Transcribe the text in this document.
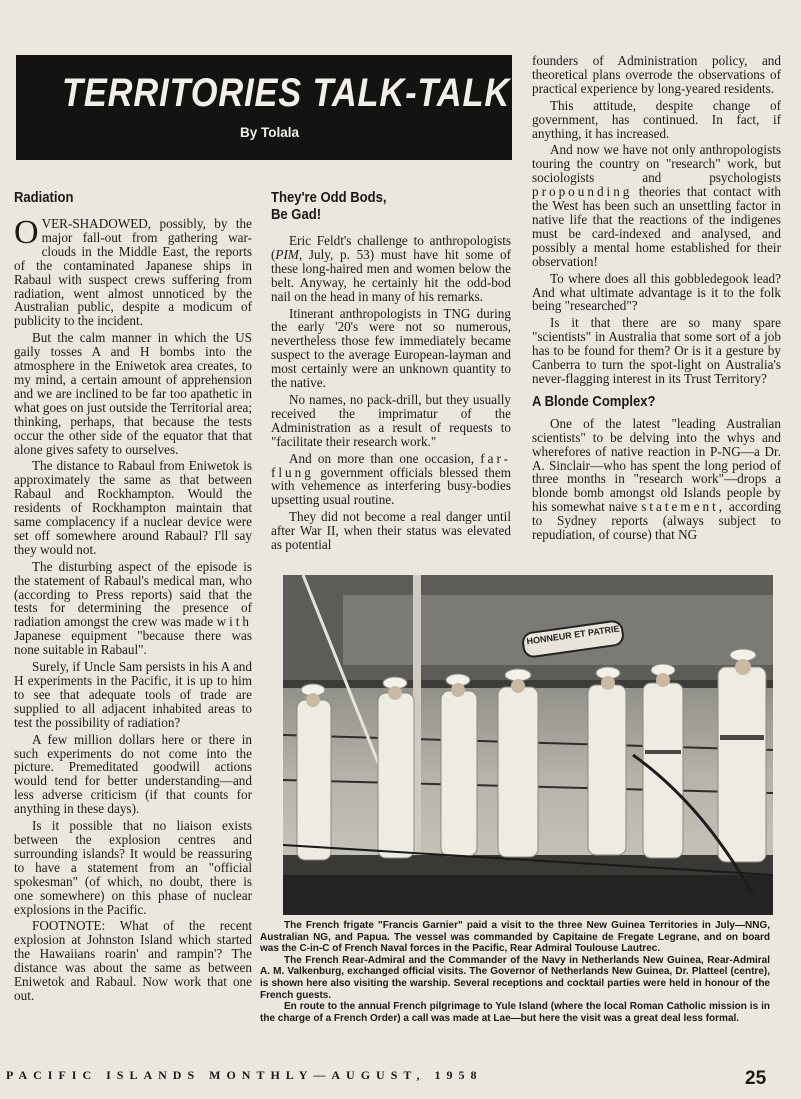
TERRITORIES TALK-TALK
By Tolala
Radiation

OVER-SHADOWED, possibly, by the major fall-out from gathering war-clouds in the Middle East, the reports of the contaminated Japanese ships in Rabaul with suspect crews suffering from radiation, went almost unnoticed by the Australian public, despite a modicum of publicity to the incident.

But the calm manner in which the US gaily tosses A and H bombs into the atmosphere in the Eniwetok area creates, to my mind, a certain amount of apprehension and we are inclined to be far too apathetic in what goes on just outside the Territorial area; thinking, perhaps, that because the tests occur the other side of the equator that that alone gives safety to ourselves.

The distance to Rabaul from Eniwetok is approximately the same as that between Rabaul and Rockhampton. Would the residents of Rockhampton maintain that same complacency if a nuclear device were set off somewhere around Rabaul? I'll say they would not.

The disturbing aspect of the episode is the statement of Rabaul's medical man, who (according to Press reports) said that the tests for determining the presence of radiation amongst the crew was made with Japanese equipment "because there was none suitable in Rabaul".

Surely, if Uncle Sam persists in his A and H experiments in the Pacific, it is up to him to see that adequate tools of trade are supplied to all adjacent inhabited areas to test the possibility of radiation?

A few million dollars here or there in such experiments do not come into the picture. Premeditated goodwill actions would tend for better understanding—and less adverse criticism (if that counts for anything in these days).

Is it possible that no liaison exists between the explosion centres and surrounding islands? It would be reassuring to have a statement from an "official spokesman" (of which, no doubt, there is one somewhere) on this phase of nuclear explosions in the Pacific.

FOOTNOTE: What of the recent explosion at Johnston Island which started the Hawaiians roarin' and rampin'? The distance was about the same as between Eniwetok and Rabaul. Now work that one out.

They're Odd Bods,
Be Gad!

Eric Feldt's challenge to anthropologists (PIM, July, p. 53) must have hit some of these long-haired men and women below the belt. Anyway, he certainly hit the odd-bod nail on the head in many of his remarks.

Itinerant anthropologists in TNG during the early '20's were not so numerous, nevertheless those few immediately became suspect to the average European-layman and most certainly were an unknown quantity to the native.

No names, no pack-drill, but they usually received the imprimatur of the Administration as a result of requests to "facilitate their research work."

And on more than one occasion, far-flung government officials blessed them with vehemence as interfering busy-bodies upsetting usual routine.

They did not become a real danger until after War II, when their status was elevated as potential

founders of Administration policy, and theoretical plans overrode the observations of practical experience by long-yeared residents.

This attitude, despite change of government, has continued. In fact, if anything, it has increased.

And now we have not only anthropologists touring the country on "research" work, but sociologists and psychologists propounding theories that contact with the West has been such an unsettling factor in native life that the reactions of the indigenes must be card-indexed and analysed, and possibly a mental home established for their observation!

To where does all this gobbledegook lead? And what ultimate advantage is it to the folk being "researched"?

Is it that there are so many spare "scientists" in Australia that some sort of a job has to be found for them? Or is it a gesture by Canberra to turn the spot-light on Australia's never-flagging interest in its Trust Territory?

A Blonde Complex?

One of the latest "leading Australian scientists" to be delving into the whys and wherefores of native reaction in P-NG—a Dr. A. Sinclair—who has spent the long period of three months in "research work"—drops a blonde bomb amongst old Islands people by his somewhat naive statement, according to Sydney reports (always subject to repudiation, of course) that NG

HONNEUR ET PATRIE

The French frigate "Francis Garnier" paid a visit to the three New Guinea Territories in July—NNG, Australian NG, and Papua. The vessel was commanded by Capitaine de Fregate Legrane, and on board was the C-in-C of French Naval forces in the Pacific, Rear Admiral Toulouse Lautrec.

The French Rear-Admiral and the Commander of the Navy in Netherlands New Guinea, Rear-Admiral A. M. Valkenburg, exchanged official visits. The Governor of Netherlands New Guinea, Dr. Platteel (centre), is shown here also visiting the warship. Several receptions and cocktail parties were held in honour of the French guests.

En route to the annual French pilgrimage to Yule Island (where the local Roman Catholic mission is in the charge of a French Order) a call was made at Lae—but here the visit was a great deal less formal.

PACIFIC ISLANDS MONTHLY—AUGUST, 1958	25
